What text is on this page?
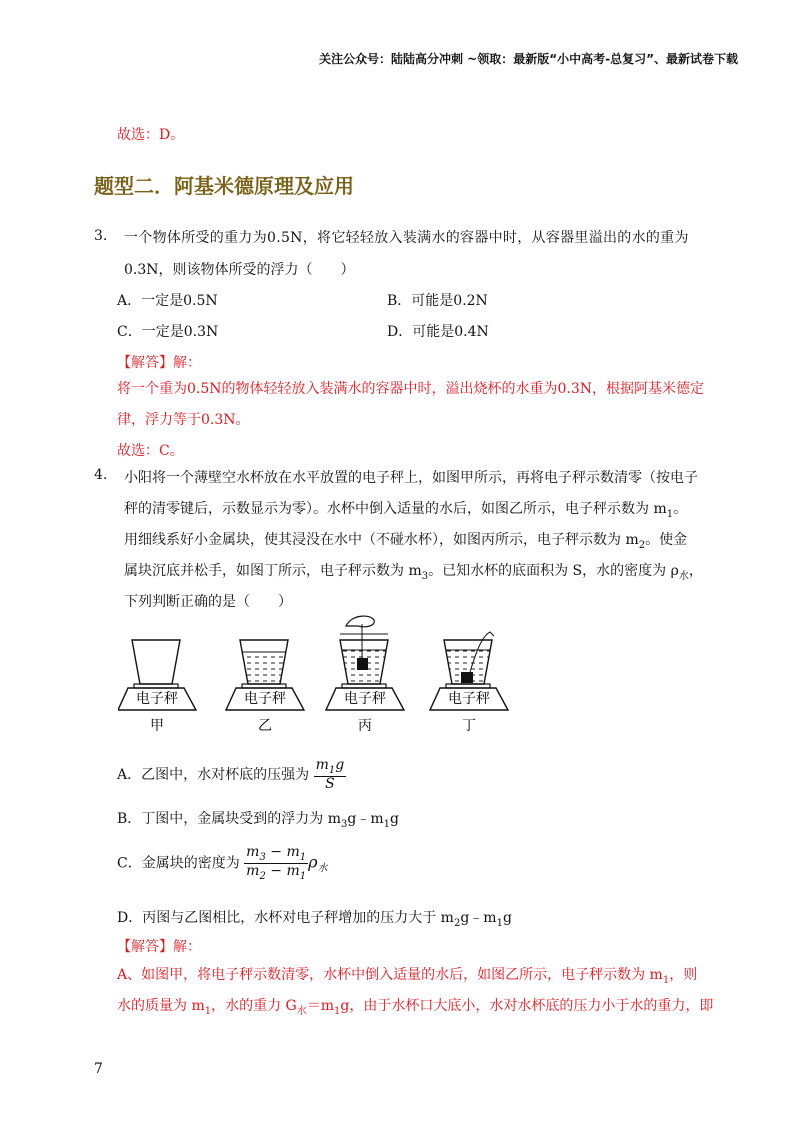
关注公众号：陆陆高分冲刺 ~领取：最新版“小中高考-总复习”、最新试卷下载
故选：D。
题型二．阿基米德原理及应用
3. 一个物体所受的重力为0.5N，将它轻轻放入装满水的容器中时，从容器里溢出的水的重为
0.3N，则该物体所受的浮力（　　）
A．一定是0.5N	B．可能是0.2N
C．一定是0.3N	D．可能是0.4N
【解答】解：
将一个重为0.5N的物体轻轻放入装满水的容器中时，溢出烧杯的水重为0.3N，根据阿基米德定
律，浮力等于0.3N。
故选：C。
4. 小阳将一个薄壁空水杯放在水平放置的电子秤上，如图甲所示，再将电子秤示数清零（按电子
秤的清零键后，示数显示为零）。水杯中倒入适量的水后，如图乙所示，电子秤示数为 $m_1$。
用细线系好小金属块，使其浸没在水中（不碰水杯），如图丙所示，电子秤示数为 $m_2$。使金
属块沉底并松手，如图丁所示，电子秤示数为 $m_3$。已知水杯的底面积为 S，水的密度为 $\rho_水$，
下列判断正确的是（　　）
电子秤
甲
电子秤
乙
电子秤
丙
电子秤
丁
A．乙图中，水对杯底的压强为 $\frac{m_1g}{S}$
B．丁图中，金属块受到的浮力为 $m_3g﹣m_1g$
C．金属块的密度为 $\frac{m_3 - m_1}{m_2 - m_1} \rho_水$
D．丙图与乙图相比，水杯对电子秤增加的压力大于 $m_2g﹣m_1g$
【解答】解：
A、如图甲，将电子秤示数清零，水杯中倒入适量的水后，如图乙所示，电子秤示数为 $m_1$，则
水的质量为 $m_1$，水的重力 $G_水=m_1g$，由于水杯口大底小，水对水杯底的压力小于水的重力，即
7
